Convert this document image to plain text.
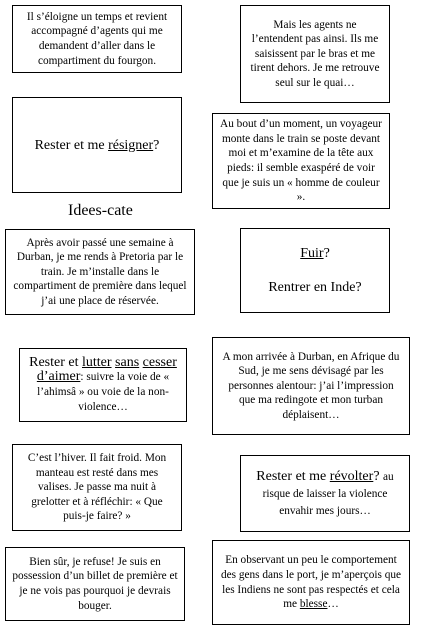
Il s’éloigne un temps et revient accompagné d’agents qui me demandent d’aller dans le compartiment du fourgon.
Mais les agents ne l’entendent pas ainsi. Ils me saisissent par le bras et me tirent dehors. Je me retrouve seul sur le quai…
Rester et me résigner?
Au bout d’un moment, un voyageur monte dans le train se poste devant moi et m’examine de la tête aux pieds: il semble exaspéré de voir que je suis un « homme de couleur ».
Idees-cate
Après avoir passé une semaine à Durban, je me rends à Pretoria par le train. Je m’installe dans le compartiment de première dans lequel j’ai une place de réservée.

Fuir?

Rentrer en Inde?

Rester et lutter sans cesser d’aimer: suivre la voie de « l’ahimsâ » ou voie de la non-violence…
A mon arrivée à Durban, en Afrique du Sud, je me sens dévisagé par les personnes alentour: j’ai l’impression que ma redingote et mon turban déplaisent…
C’est l’hiver. Il fait froid. Mon manteau est resté dans mes valises. Je passe ma nuit à grelotter et à réfléchir: « Que puis-je faire? »
Rester et me révolter? au risque de laisser la violence envahir mes jours…
Bien sûr, je refuse! Je suis en possession d’un billet de première et je ne vois pas pourquoi je devrais bouger.
En observant un peu le comportement des gens dans le port, je m’aperçois que les Indiens ne sont pas respectés et cela me blesse…
